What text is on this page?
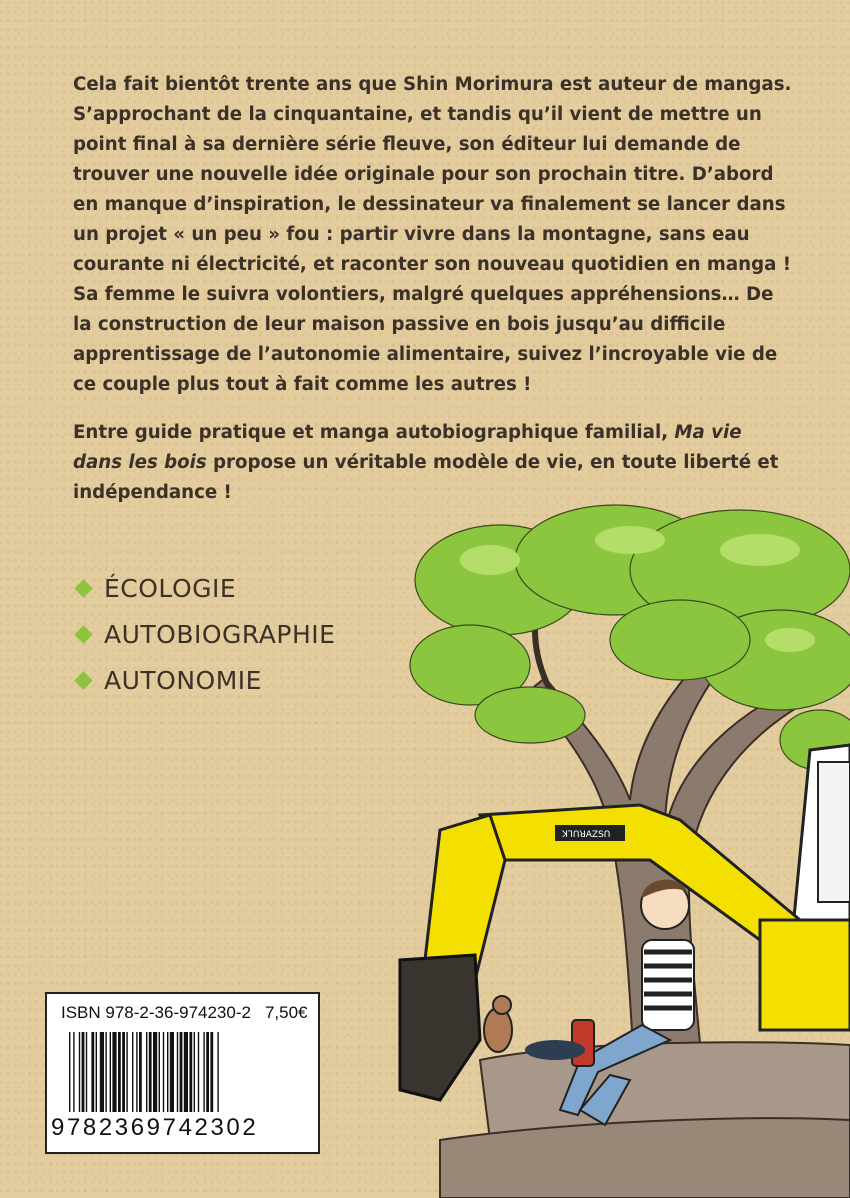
Cela fait bientôt trente ans que Shin Morimura est auteur de mangas. S’approchant de la cinquantaine, et tandis qu’il vient de mettre un point final à sa dernière série fleuve, son éditeur lui demande de trouver une nouvelle idée originale pour son prochain titre. D’abord en manque d’inspiration, le dessinateur va finalement se lancer dans un projet « un peu » fou : partir vivre dans la montagne, sans eau courante ni électricité, et raconter son nouveau quotidien en manga ! Sa femme le suivra volontiers, malgré quelques appréhensions… De la construction de leur maison passive en bois jusqu’au difficile apprentissage de l’autonomie alimentaire, suivez l’incroyable vie de ce couple plus tout à fait comme les autres !

Entre guide pratique et manga autobiographique familial, Ma vie dans les bois propose un véritable modèle de vie, en toute liberté et indépendance !

ÉCOLOGIE
AUTOBIOGRAPHIE
AUTONOMIE
ꓘ⅂ꓵꓤAZSꓵ
ISBN 978-2-36-974230-2 7,50€
9782369742302
